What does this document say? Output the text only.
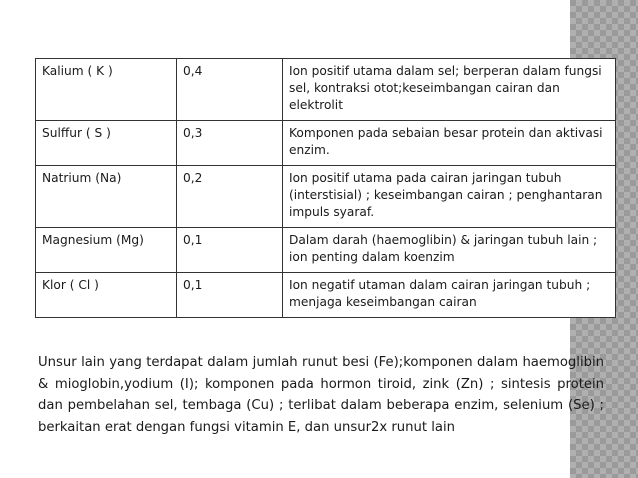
Kalium ( K )	0,4	Ion positif utama dalam sel; berperan dalam fungsi sel, kontraksi otot;keseimbangan cairan dan elektrolit
Sulffur ( S )	0,3	Komponen pada sebaian besar protein dan aktivasi enzim.
Natrium (Na)	0,2	Ion positif utama pada cairan jaringan tubuh (interstisial) ; keseimbangan cairan ; penghantaran impuls syaraf.
Magnesium (Mg)	0,1	Dalam darah (haemoglibin) & jaringan tubuh lain ; ion penting dalam koenzim
Klor ( Cl )	0,1	Ion negatif utaman dalam cairan jaringan tubuh ; menjaga keseimbangan cairan
Unsur lain yang terdapat dalam jumlah runut besi (Fe);komponen dalam haemoglibin & mioglobin,yodium (I); komponen pada hormon tiroid, zink (Zn) ; sintesis protein dan pembelahan sel, tembaga (Cu) ; terlibat dalam beberapa enzim, selenium (Se) ; berkaitan erat dengan fungsi vitamin E, dan unsur2x runut lain
